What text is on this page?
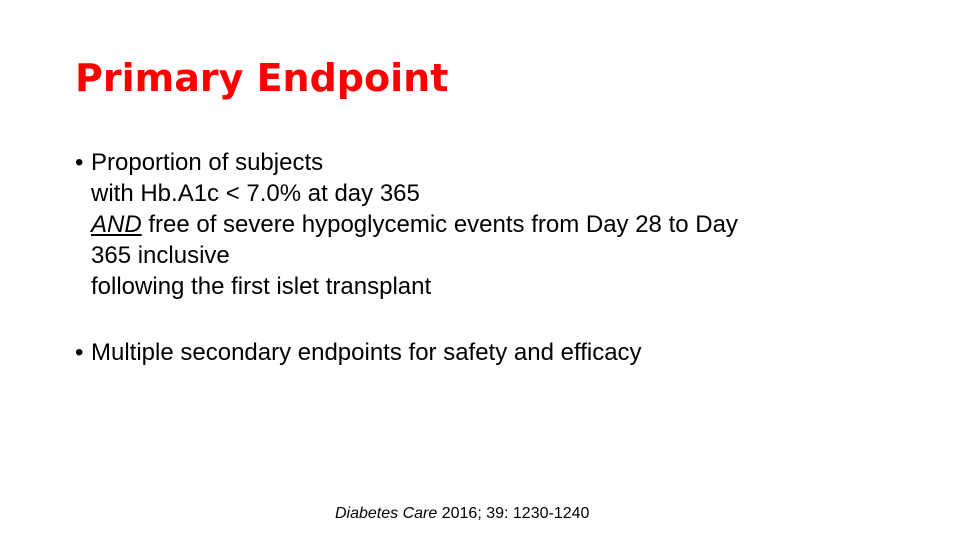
Primary Endpoint
• Proportion of subjects
with Hb.A1c < 7.0% at day 365
AND free of severe hypoglycemic events from Day 28 to Day
365 inclusive
following the first islet transplant
• Multiple secondary endpoints for safety and efficacy
Diabetes Care 2016; 39: 1230-1240
